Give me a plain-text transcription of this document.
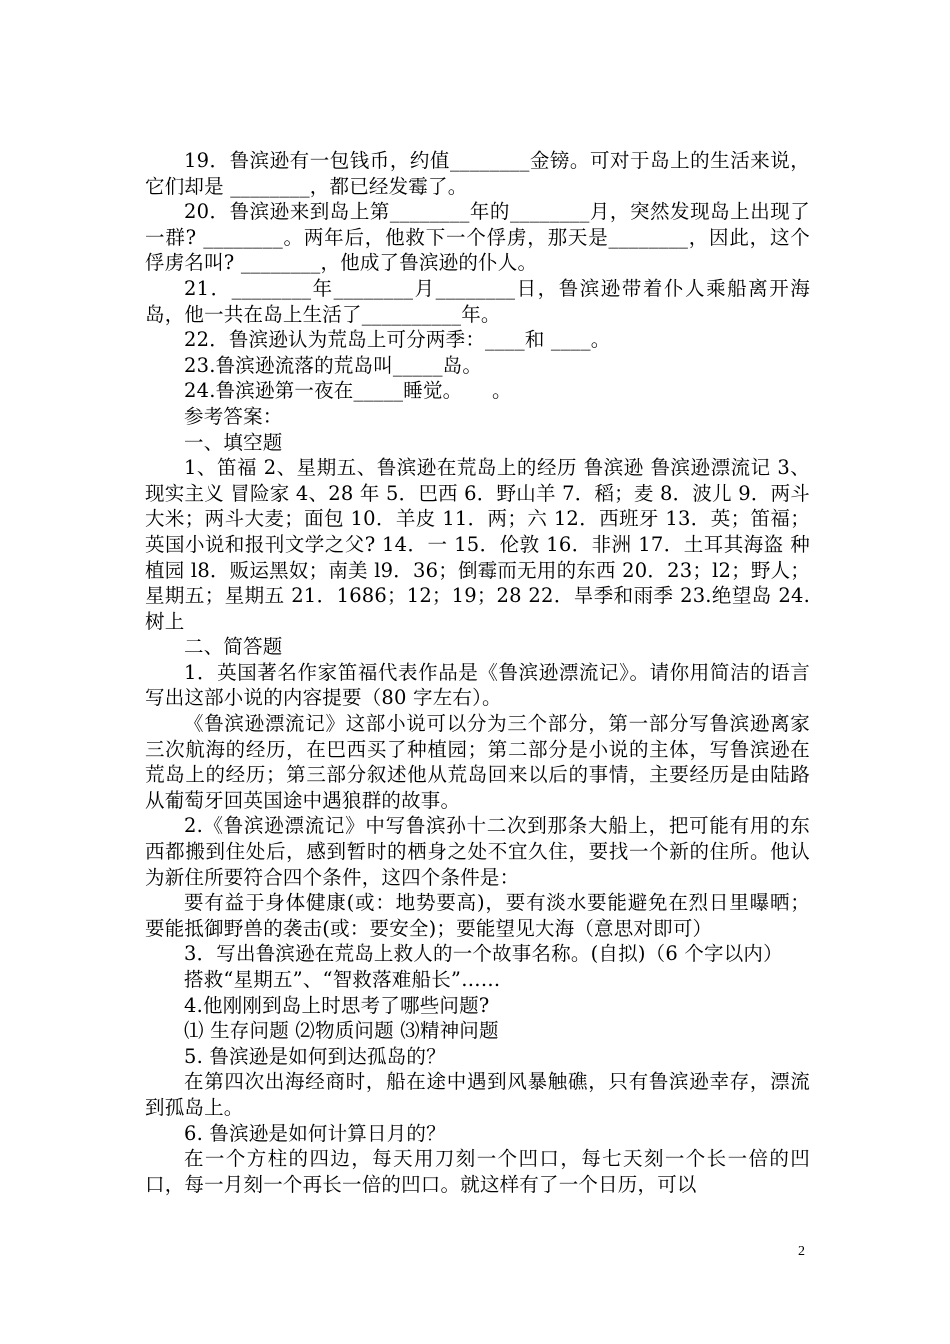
19．鲁滨逊有一包钱币，约值________金镑。可对于岛上的生活来说，它们却是 ________，都已经发霉了。

20．鲁滨逊来到岛上第________年的________月，突然发现岛上出现了一群? ________。两年后，他救下一个俘虏，那天是________，因此，这个俘虏名叫? ________，他成了鲁滨逊的仆人。

21．________年________月________日，鲁滨逊带着仆人乘船离开海岛，他一共在岛上生活了__________年。

22．鲁滨逊认为荒岛上可分两季：____和 ____。

23.鲁滨逊流落的荒岛叫_____岛。

24.鲁滨逊第一夜在_____睡觉。　　。

参考答案：

一、填空题

1、笛福 2、星期五、鲁滨逊在荒岛上的经历 鲁滨逊 鲁滨逊漂流记 3、现实主义 冒险家 4、28 年 5．巴西 6．野山羊 7．稻；麦 8．波儿 9．两斗大米；两斗大麦；面包 10．羊皮 11．两；六 12．西班牙 13．英；笛福；英国小说和报刊文学之父? 14．一 15．伦敦 16．非洲 17．土耳其海盗 种植园 l8．贩运黑奴；南美 l9．36；倒霉而无用的东西 20．23；l2；野人；星期五；星期五 21．1686；12；19；28 22．旱季和雨季 23.绝望岛 24.树上

二、简答题

1．英国著名作家笛福代表作品是《鲁滨逊漂流记》。请你用简洁的语言写出这部小说的内容提要（80 字左右）。

《鲁滨逊漂流记》这部小说可以分为三个部分，第一部分写鲁滨逊离家三次航海的经历，在巴西买了种植园；第二部分是小说的主体，写鲁滨逊在荒岛上的经历；第三部分叙述他从荒岛回来以后的事情，主要经历是由陆路从葡萄牙回英国途中遇狼群的故事。

2.《鲁滨逊漂流记》中写鲁滨孙十二次到那条大船上，把可能有用的东西都搬到住处后，感到暂时的栖身之处不宜久住，要找一个新的住所。他认为新住所要符合四个条件，这四个条件是：

要有益于身体健康(或：地势要高)，要有淡水要能避免在烈日里曝晒；要能抵御野兽的袭击(或：要安全)；要能望见大海（意思对即可）

3．写出鲁滨逊在荒岛上救人的一个故事名称。(自拟)（6 个字以内）

搭救“星期五”、“智救落难船长”……

4.他刚刚到岛上时思考了哪些问题?

⑴ 生存问题 ⑵物质问题 ⑶精神问题

5. 鲁滨逊是如何到达孤岛的？

在第四次出海经商时，船在途中遇到风暴触礁，只有鲁滨逊幸存，漂流到孤岛上。

6. 鲁滨逊是如何计算日月的？

在一个方柱的四边，每天用刀刻一个凹口，每七天刻一个长一倍的凹口，每一月刻一个再长一倍的凹口。就这样有了一个日历，可以

2
